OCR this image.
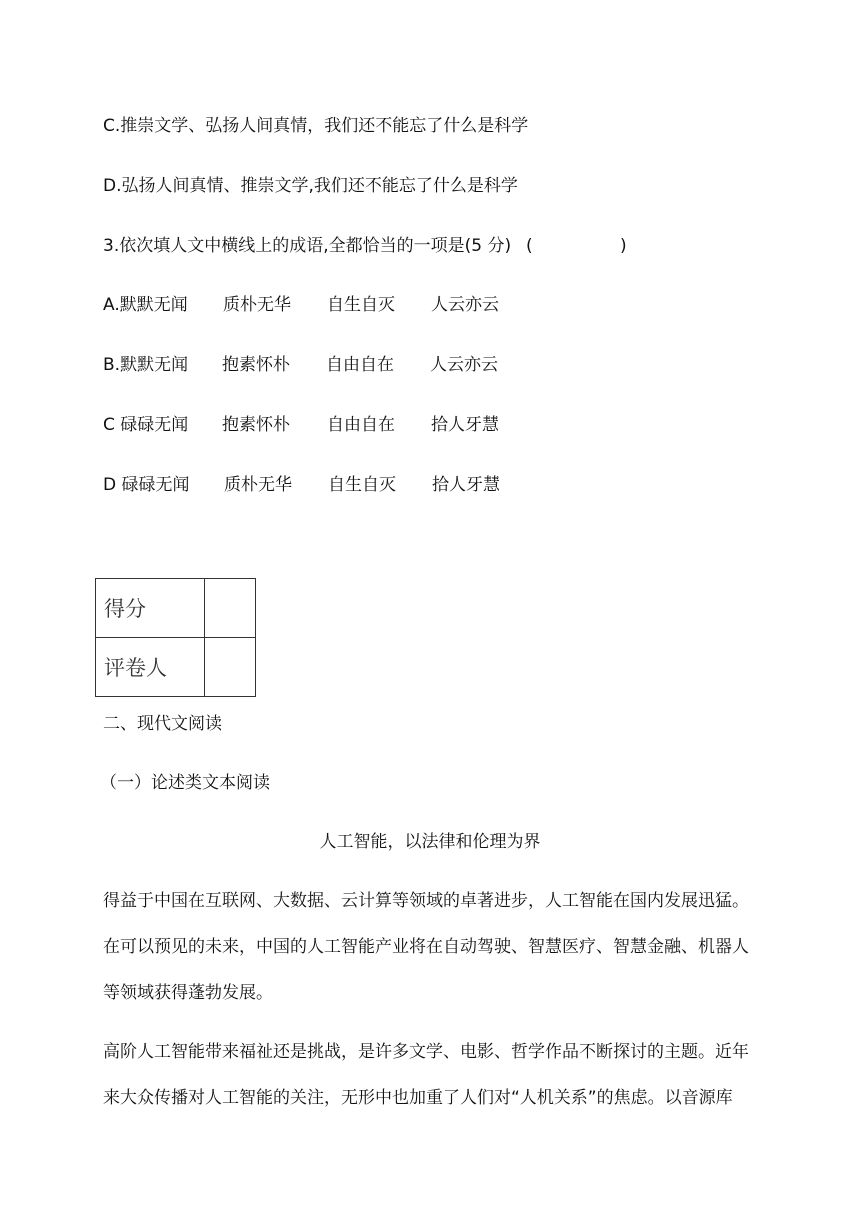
C.推崇文学、弘扬人间真情，我们还不能忘了什么是科学
D.弘扬人间真情、推崇文学,我们还不能忘了什么是科学
3.依次填人文中横线上的成语,全都恰当的一项是(5 分) (	)
A.默默无闻 质朴无华 自生自灭 人云亦云
B.默默无闻 抱素怀朴 自由自在 人云亦云
C 碌碌无闻 抱素怀朴 自由自在 拾人牙慧
D 碌碌无闻 质朴无华 自生自灭 拾人牙慧
得分	
评卷人	
二、现代文阅读
（一）论述类文本阅读
人工智能，以法律和伦理为界
得益于中国在互联网、大数据、云计算等领域的卓著进步，人工智能在国内发展迅猛。
在可以预见的未来，中国的人工智能产业将在自动驾驶、智慧医疗、智慧金融、机器人
等领域获得蓬勃发展。
高阶人工智能带来福祉还是挑战，是许多文学、电影、哲学作品不断探讨的主题。近年
来大众传播对人工智能的关注，无形中也加重了人们对“人机关系”的焦虑。以音源库
